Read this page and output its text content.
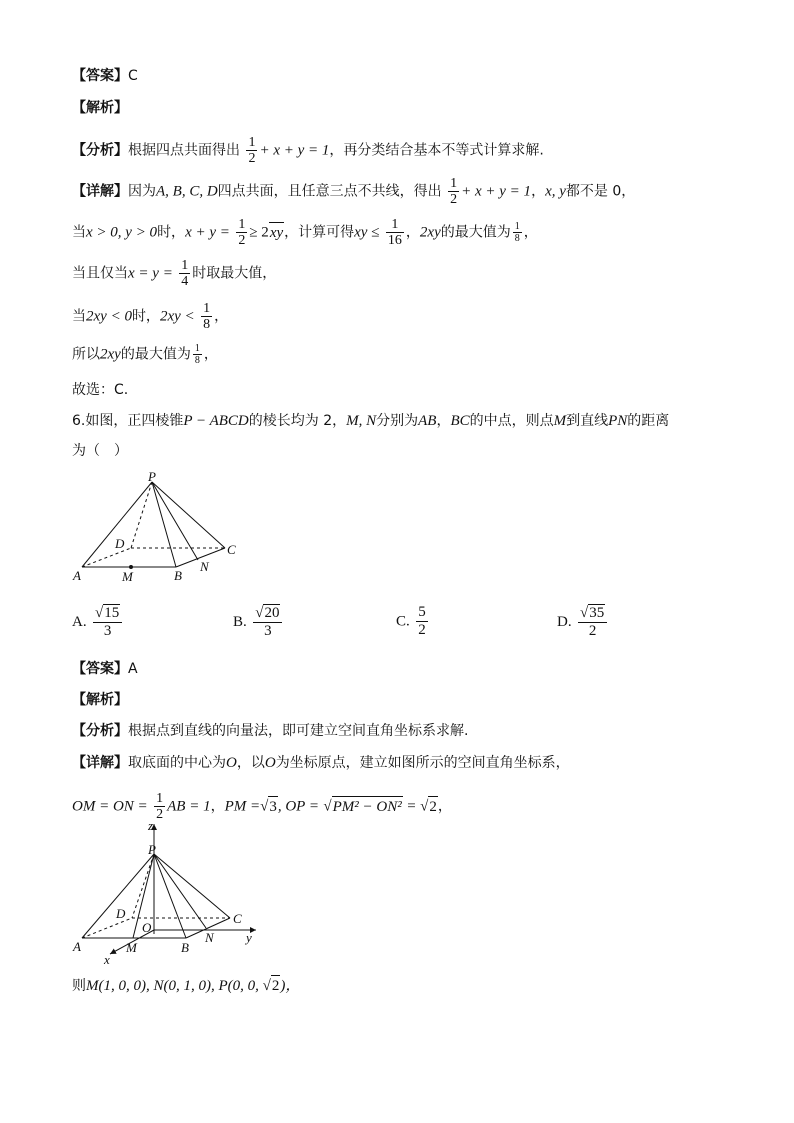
【答案】C
【解析】
【分析】根据四点共面得出 $\frac{1}{2} + x + y = 1$，再分类结合基本不等式计算求解.
【详解】因为A, B, C, D四点共面，且任意三点不共线，得出 $\frac{1}{2} + x + y = 1$，x, y都不是 0，
当x > 0, y > 0时，$x + y = \frac{1}{2} \ge 2xy$，计算可得xy ≤ $\frac{1}{16}$ ，2xy的最大值为 $\frac{1}{8}$ ，
当且仅当$x = y = \frac{1}{4}$ 时取最大值，
当2xy < 0时，$2xy < \frac{1}{8}$ ，
所以2xy的最大值为 $\frac{1}{8}$ ，
故选：C.
6.如图，正四棱锥P − ABCD的棱长均为 2，M, N分别为AB，BC的中点，则点M到直线PN的距离
为（　）
P
A	B
C
D
M
N
A. $\frac{√15}{3}$	B. $\frac{√20}{3}$	C. $\frac{5}{2}$	D. $\frac{√35}{2}$
【答案】A
【解析】
【分析】根据点到直线的向量法，即可建立空间直角坐标系求解.
【详解】取底面的中心为O，以O为坐标原点，建立如图所示的空间直角坐标系，
OM = ON = $\frac{1}{2}$ AB = 1，PM =√3, OP = √PM² − ON² = √2，
z
P
y
x
A	B
C
D
M
N
O
则M(1, 0, 0), N(0, 1, 0), P(0, 0, √2)，
